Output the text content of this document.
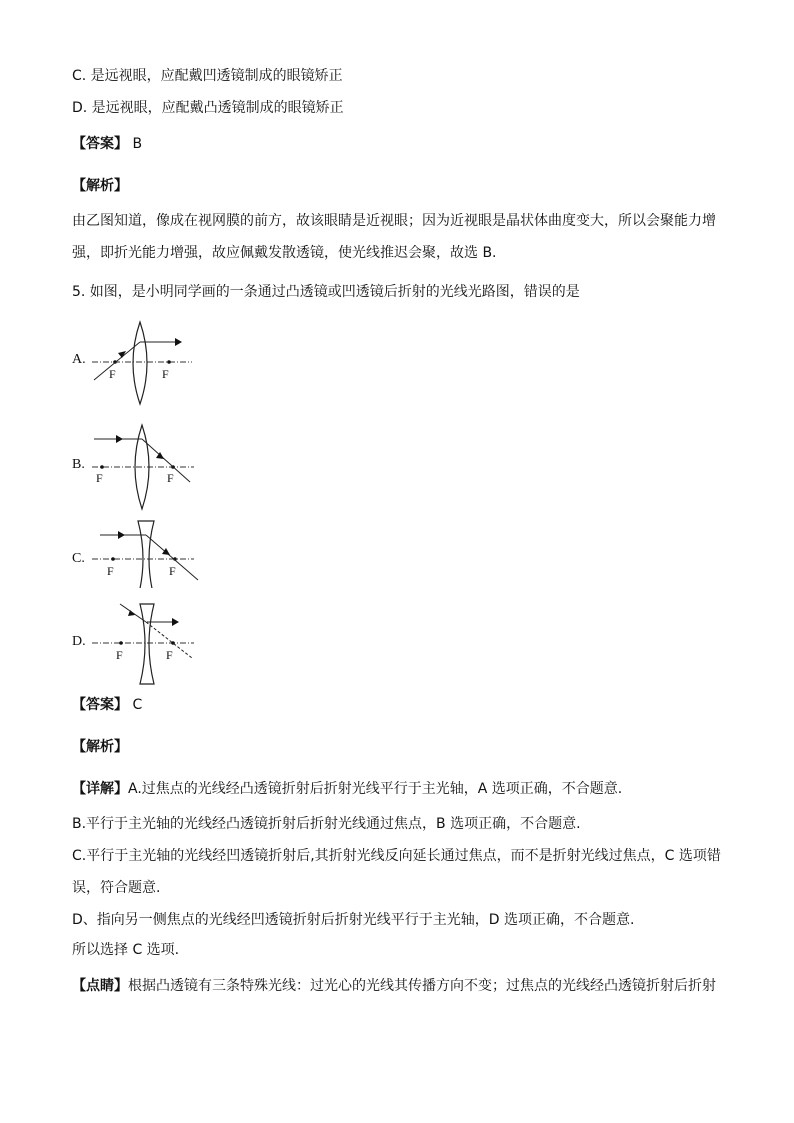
C. 是远视眼，应配戴凹透镜制成的眼镜矫正
D. 是远视眼，应配戴凸透镜制成的眼镜矫正
【答案】 B
【解析】
由乙图知道，像成在视网膜的前方，故该眼睛是近视眼；因为近视眼是晶状体曲度变大，所以会聚能力增
强，即折光能力增强，故应佩戴发散透镜，使光线推迟会聚，故选 B.
5. 如图，是小明同学画的一条通过凸透镜或凹透镜后折射的光线光路图，错误的是
A.
F	F
B.
F	F
C.
F	F
D.
F	F
【答案】 C
【解析】
【详解】A.过焦点的光线经凸透镜折射后折射光线平行于主光轴，A 选项正确，不合题意.
B.平行于主光轴的光线经凸透镜折射后折射光线通过焦点，B 选项正确，不合题意.
C.平行于主光轴的光线经凹透镜折射后,其折射光线反向延长通过焦点，而不是折射光线过焦点，C 选项错
误，符合题意.
D、指向另一侧焦点的光线经凹透镜折射后折射光线平行于主光轴，D 选项正确，不合题意.
所以选择 C 选项.
【点睛】根据凸透镜有三条特殊光线：过光心的光线其传播方向不变；过焦点的光线经凸透镜折射后折射
